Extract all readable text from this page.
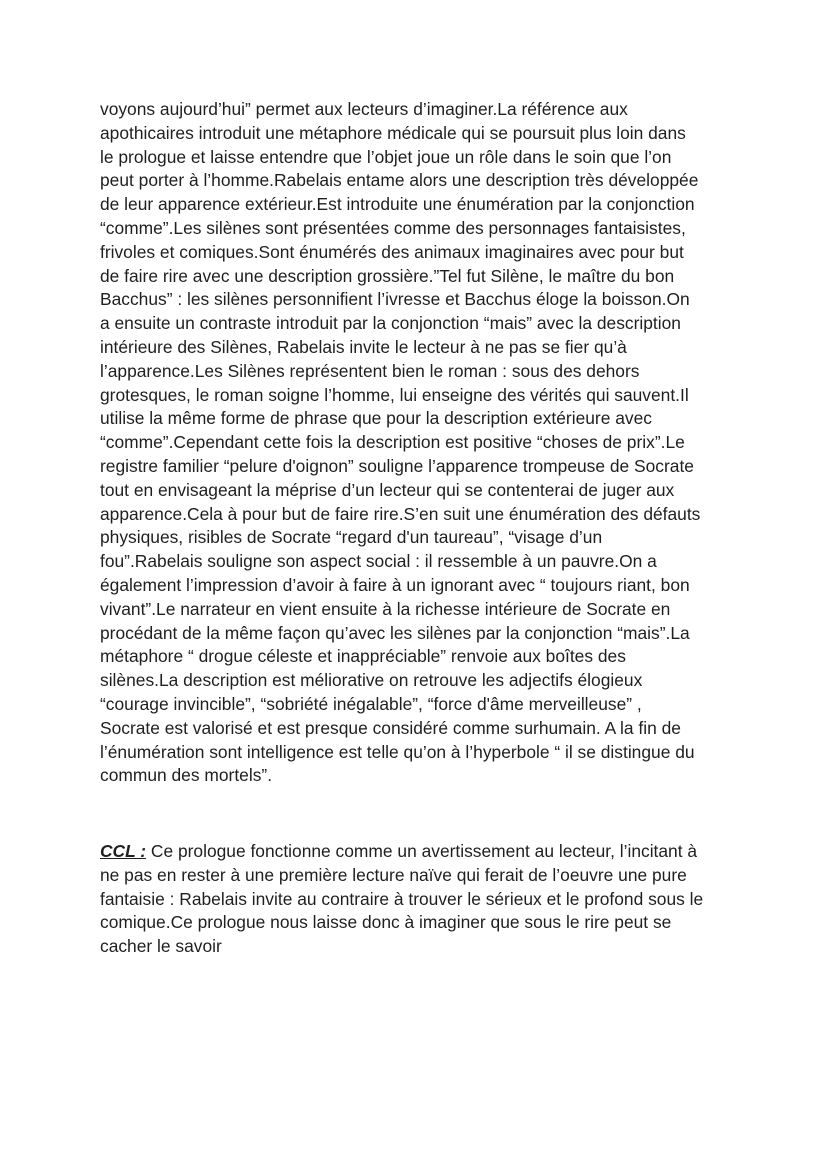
voyons aujourd’hui” permet aux lecteurs d’imaginer.La référence aux
apothicaires introduit une métaphore médicale qui se poursuit plus loin dans
le prologue et laisse entendre que l’objet joue un rôle dans le soin que l’on
peut porter à l’homme.Rabelais entame alors une description très développée
de leur apparence extérieur.Est introduite une énumération par la conjonction
“comme”.Les silènes sont présentées comme des personnages fantaisistes,
frivoles et comiques.Sont énumérés des animaux imaginaires avec pour but
de faire rire avec une description grossière.”Tel fut Silène, le maître du bon
Bacchus” : les silènes personnifient l’ivresse et Bacchus éloge la boisson.On
a ensuite un contraste introduit par la conjonction “mais” avec la description
intérieure des Silènes, Rabelais invite le lecteur à ne pas se fier qu’à
l’apparence.Les Silènes représentent bien le roman : sous des dehors
grotesques, le roman soigne l’homme, lui enseigne des vérités qui sauvent.Il
utilise la même forme de phrase que pour la description extérieure avec
“comme”.Cependant cette fois la description est positive “choses de prix”.Le
registre familier “pelure d'oignon” souligne l’apparence trompeuse de Socrate
tout en envisageant la méprise d’un lecteur qui se contenterai de juger aux
apparence.Cela à pour but de faire rire.S’en suit une énumération des défauts
physiques, risibles de Socrate “regard d'un taureau”, “visage d’un
fou”.Rabelais souligne son aspect social : il ressemble à un pauvre.On a
également l’impression d’avoir à faire à un ignorant avec “ toujours riant, bon
vivant”.Le narrateur en vient ensuite à la richesse intérieure de Socrate en
procédant de la même façon qu’avec les silènes par la conjonction “mais”.La
métaphore “ drogue céleste et inappréciable” renvoie aux boîtes des
silènes.La description est méliorative on retrouve les adjectifs élogieux
“courage invincible”, “sobriété inégalable”, “force d'âme merveilleuse” ,
Socrate est valorisé et est presque considéré comme surhumain. A la fin de
l’énumération sont intelligence est telle qu’on à l’hyperbole “ il se distingue du
commun des mortels”.
CCL : Ce prologue fonctionne comme un avertissement au lecteur, l’incitant à
ne pas en rester à une première lecture naïve qui ferait de l’oeuvre une pure
fantaisie : Rabelais invite au contraire à trouver le sérieux et le profond sous le
comique.Ce prologue nous laisse donc à imaginer que sous le rire peut se
cacher le savoir
